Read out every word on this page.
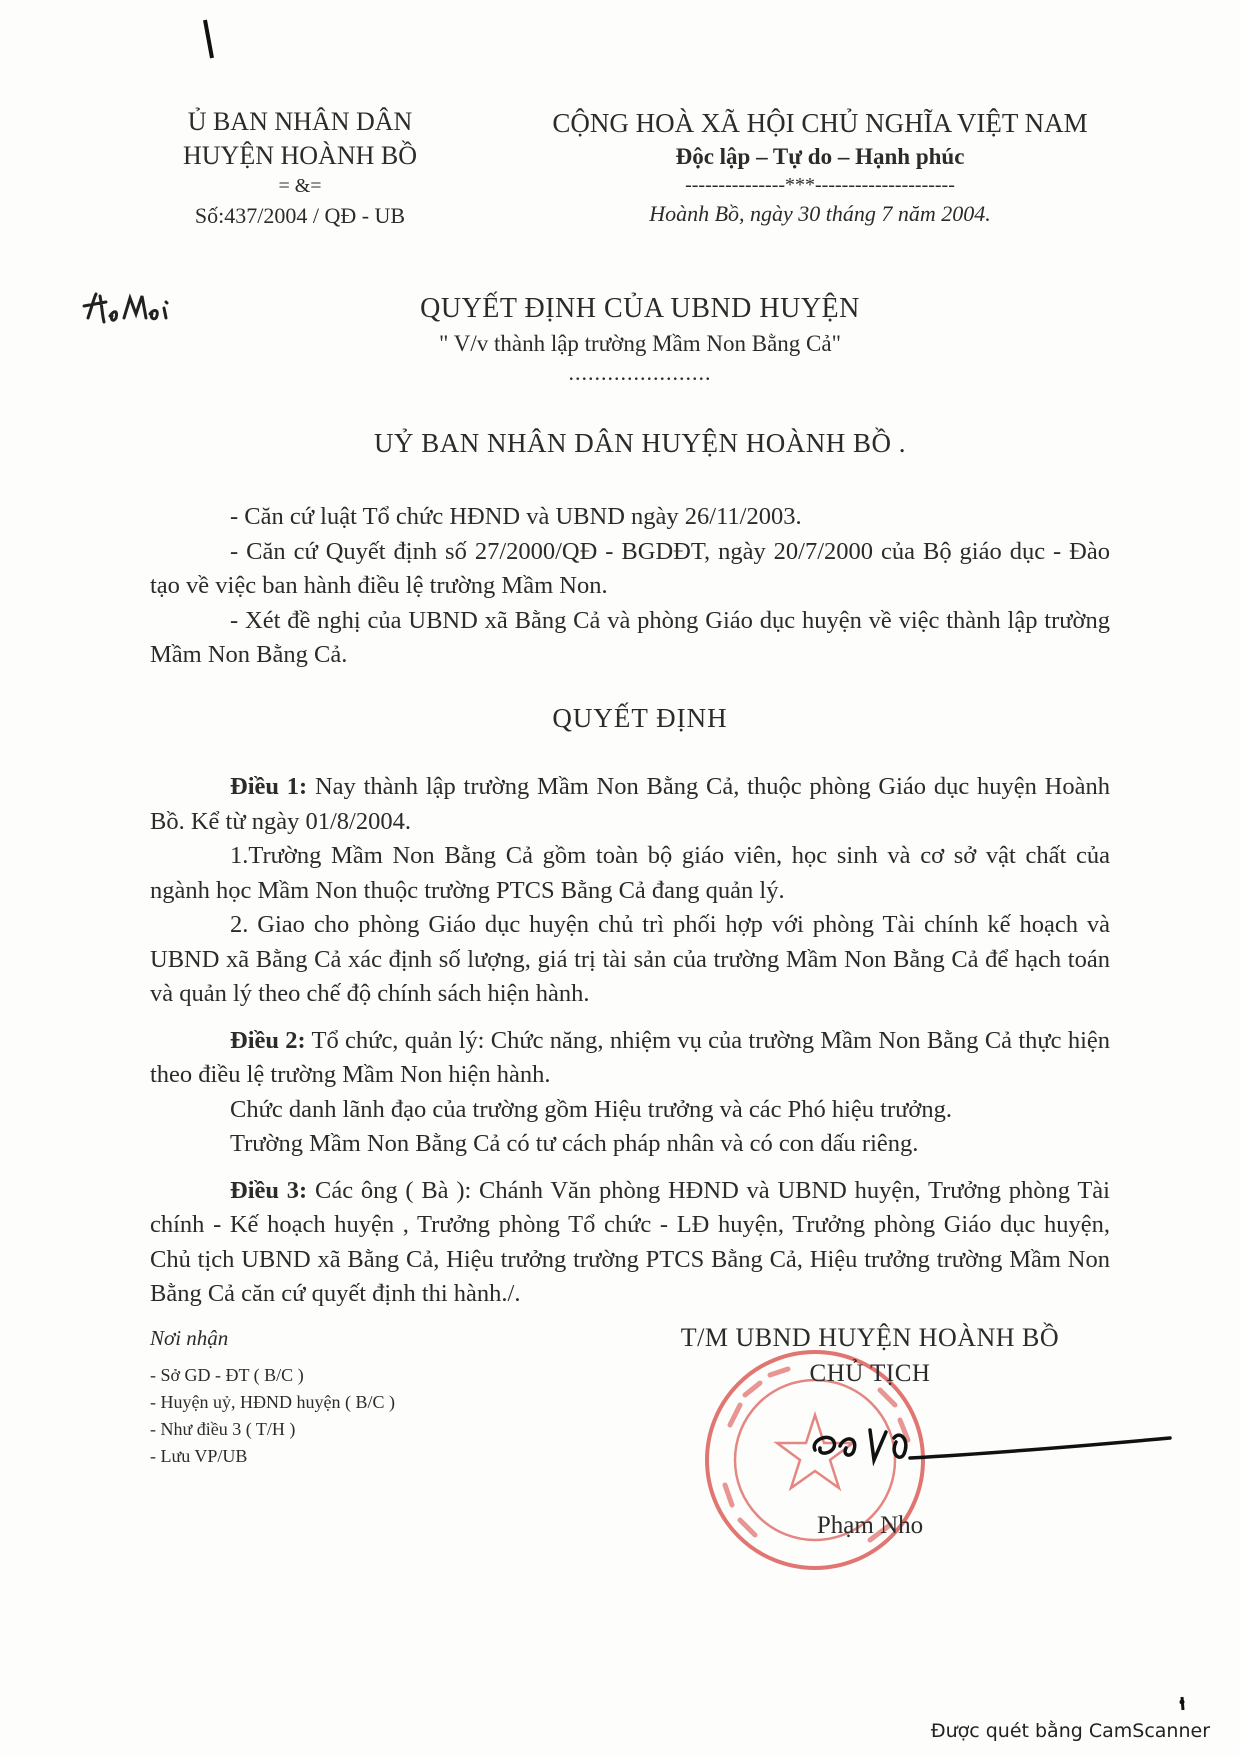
Ủ BAN NHÂN DÂN
HUYỆN HOÀNH BỒ
= &=
Số:437/2004 / QĐ - UB
CỘNG HOÀ XÃ HỘI CHỦ NGHĨA VIỆT NAM
Độc lập – Tự do – Hạnh phúc
---------------***---------------------
Hoành Bồ, ngày 30 tháng 7 năm 2004.
QUYẾT ĐỊNH CỦA UBND HUYỆN
" V/v thành lập trường Mầm Non Bằng Cả"
......................
UỶ BAN NHÂN DÂN HUYỆN HOÀNH BỒ .

- Căn cứ luật Tổ chức HĐND và UBND ngày 26/11/2003.

- Căn cứ Quyết định số 27/2000/QĐ - BGDĐT, ngày 20/7/2000 của Bộ giáo dục - Đào tạo về việc ban hành điều lệ trường Mầm Non.

- Xét đề nghị của UBND xã Bằng Cả và phòng Giáo dục huyện về việc thành lập trường Mầm Non Bằng Cả.

QUYẾT ĐỊNH

Điều 1: Nay thành lập trường Mầm Non Bằng Cả, thuộc phòng Giáo dục huyện Hoành Bồ. Kể từ ngày 01/8/2004.

1.Trường Mầm Non Bằng Cả gồm toàn bộ giáo viên, học sinh và cơ sở vật chất của ngành học Mầm Non thuộc trường PTCS Bằng Cả đang quản lý.

2. Giao cho phòng Giáo dục huyện chủ trì phối hợp với phòng Tài chính kế hoạch và UBND xã Bằng Cả xác định số lượng, giá trị tài sản của trường Mầm Non Bằng Cả để hạch toán và quản lý theo chế độ chính sách hiện hành.

Điều 2: Tổ chức, quản lý: Chức năng, nhiệm vụ của trường Mầm Non Bằng Cả thực hiện theo điều lệ trường Mầm Non hiện hành.

Chức danh lãnh đạo của trường gồm Hiệu trưởng và các Phó hiệu trưởng.

Trường Mầm Non Bằng Cả có tư cách pháp nhân và có con dấu riêng.

Điều 3: Các ông ( Bà ): Chánh Văn phòng HĐND và UBND huyện, Trưởng phòng Tài chính - Kế hoạch huyện , Trưởng phòng Tổ chức - LĐ huyện, Trưởng phòng Giáo dục huyện, Chủ tịch UBND xã Bằng Cả, Hiệu trưởng trường PTCS Bằng Cả, Hiệu trưởng trường Mầm Non Bằng Cả căn cứ quyết định thi hành./.

Nơi nhận
- Sở GD - ĐT ( B/C )
- Huyện uỷ, HĐND huyện ( B/C )
- Như điều 3 ( T/H )
- Lưu VP/UB
T/M UBND HUYỆN HOÀNH BỒ
CHỦ TỊCH
Phạm Nho
Được quét bằng CamScanner
